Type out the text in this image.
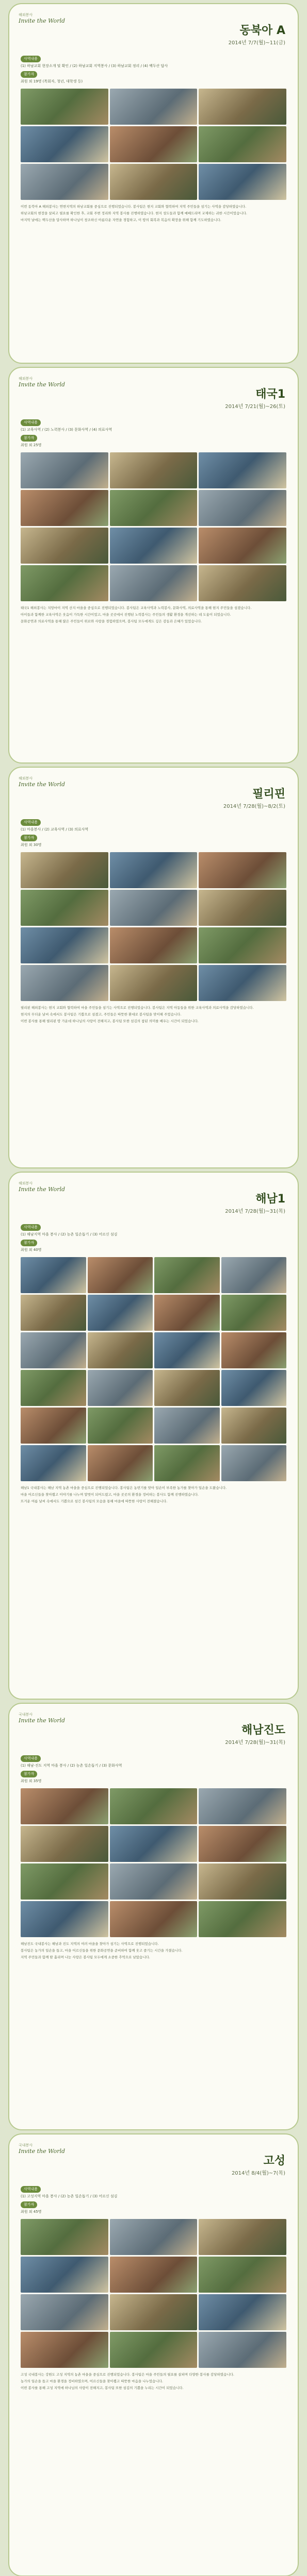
해외봉사
Invite the World
동북아 A
2014년 7/7(월)~11(금)
사역내용

(1) 하남교회 현장소개 및 확인 / (2) 하남교회 지역봉사 / (3) 하남교회 정리 / (4) 백두산 답사

참가자

최원 외 19명 (목회자, 청년, 대학생 등)

이번 동북아 A 해외봉사는 연변지역의 하남교회를 중심으로 진행되었습니다. 봉사팀은 현지 교회와 협력하여 지역 주민들을 섬기는 사역을 감당하였습니다.

하남교회의 현장을 살피고 필요를 확인한 후, 교회 주변 정리와 지역 봉사를 진행하였습니다. 현지 성도들과 함께 예배드리며 교제하는 귀한 시간이었습니다.

마지막 날에는 백두산을 답사하며 하나님이 창조하신 아름다운 자연을 경험하고, 이 땅의 회복과 복음의 확장을 위해 함께 기도하였습니다.

해외봉사
Invite the World
태국1
2014년 7/21(월)~26(토)
사역내용

(1) 교육사역 / (2) 노력봉사 / (3) 문화사역 / (4) 의료사역

참가자

최원 외 25명

태국1 해외봉사는 치앙마이 지역 산지 마을을 중심으로 진행되었습니다. 봉사팀은 교육사역과 노력봉사, 문화사역, 의료사역을 통해 현지 주민들을 섬겼습니다.

아이들과 함께한 교육사역은 웃음이 가득한 시간이었고, 마을 곳곳에서 진행된 노력봉사는 주민들의 생활 환경을 개선하는 데 도움이 되었습니다.

문화공연과 의료사역을 통해 많은 주민들이 위로와 사랑을 경험하였으며, 봉사팀 모두에게도 깊은 감동과 은혜가 있었습니다.

해외봉사
Invite the World
필리핀
2014년 7/28(월)~8/2(토)
사역내용

(1) 마을봉사 / (2) 교육사역 / (3) 의료사역

참가자

최원 외 30명

필리핀 해외봉사는 현지 교회와 협력하여 마을 주민들을 섬기는 사역으로 진행되었습니다. 봉사팀은 지역 아동들을 위한 교육사역과 의료사역을 감당하였습니다.

현지의 무더운 날씨 속에서도 봉사팀은 기쁨으로 섬겼고, 주민들은 따뜻한 환대로 봉사팀을 맞이해 주었습니다.

이번 봉사를 통해 필리핀 땅 가운데 하나님의 사랑이 전해지고, 봉사팀 또한 섬김의 참된 의미를 배우는 시간이 되었습니다.

해외봉사
Invite the World
해남1
2014년 7/28(월)~31(목)
사역내용

(1) 해남지역 마을 봉사 / (2) 농촌 일손돕기 / (3) 어르신 섬김

참가자

최원 외 40명

해남1 국내봉사는 해남 지역 농촌 마을을 중심으로 진행되었습니다. 봉사팀은 농번기를 맞아 일손이 부족한 농가를 찾아가 일손을 도왔습니다.

마을 어르신들을 찾아뵙고 이야기를 나누며 말벗이 되어드렸고, 마을 곳곳의 환경을 정비하는 봉사도 함께 진행하였습니다.

뜨거운 여름 날씨 속에서도 기쁨으로 섬긴 봉사팀의 모습을 통해 마을에 따뜻한 사랑이 전해졌습니다.

국내봉사
Invite the World
해남진도
2014년 7/28(월)~31(목)
사역내용

(1) 해남·진도 지역 마을 봉사 / (2) 농촌 일손돕기 / (3) 문화사역

참가자

최원 외 35명

해남진도 국내봉사는 해남과 진도 지역의 여러 마을을 찾아가 섬기는 사역으로 진행되었습니다.

봉사팀은 농가의 일손을 돕고, 마을 어르신들을 위한 문화공연을 준비하여 함께 웃고 즐기는 시간을 가졌습니다.

지역 주민들과 함께 땀 흘리며 나눈 사랑은 봉사팀 모두에게 소중한 추억으로 남았습니다.

국내봉사
Invite the World
고성
2014년 8/4(월)~7(목)
사역내용

(1) 고성지역 마을 봉사 / (2) 농촌 일손돕기 / (3) 어르신 섬김

참가자

최원 외 45명

고성 국내봉사는 강원도 고성 지역의 농촌 마을을 중심으로 진행되었습니다. 봉사팀은 마을 주민들의 필요를 살피며 다양한 봉사를 감당하였습니다.

농가의 일손을 돕고 마을 환경을 정비하였으며, 어르신들을 찾아뵙고 따뜻한 마음을 나누었습니다.

이번 봉사를 통해 고성 지역에 하나님의 사랑이 전해지고, 봉사팀 또한 섬김의 기쁨을 누리는 시간이 되었습니다.
